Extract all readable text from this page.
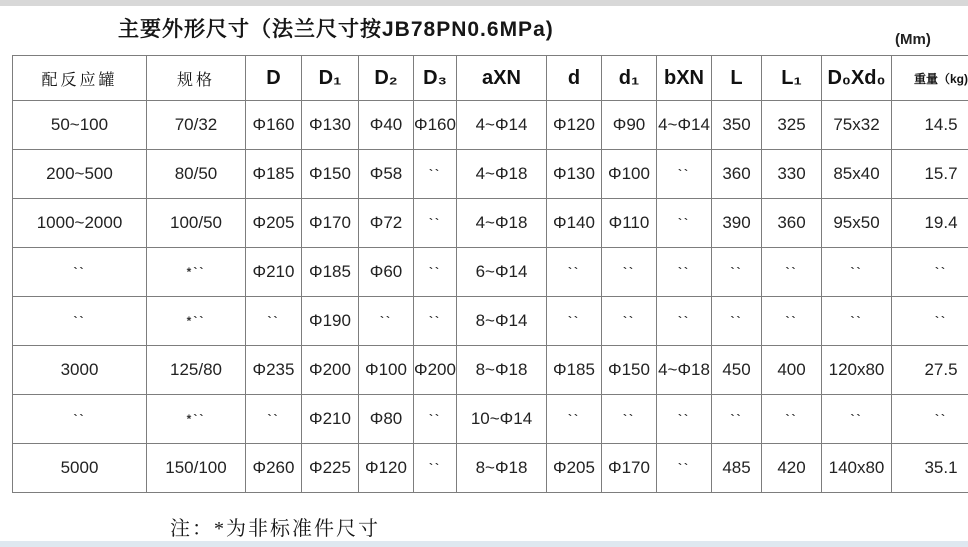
主要外形尺寸（法兰尺寸按JB78PN0.6MPa)	(Mm)
配反应罐	规格	D	D₁	D₂	D₃	aXN	d	d₁	bXN	L	L₁	D₀Xd₀	重量（kg)
50~100	70/32	Φ160	Φ130	Φ40	Φ160	4~Φ14	Φ120	Φ90	4~Φ14	350	325	75x32	14.5
200~500	80/50	Φ185	Φ150	Φ58	``	4~Φ18	Φ130	Φ100	``	360	330	85x40	15.7
1000~2000	100/50	Φ205	Φ170	Φ72	``	4~Φ18	Φ140	Φ110	``	390	360	95x50	19.4
``	*``	Φ210	Φ185	Φ60	``	6~Φ14	``	``	``	``	``	``	``
``	*``	``	Φ190	``	``	8~Φ14	``	``	``	``	``	``	``
3000	125/80	Φ235	Φ200	Φ100	Φ200	8~Φ18	Φ185	Φ150	4~Φ18	450	400	120x80	27.5
``	*``	``	Φ210	Φ80	``	10~Φ14	``	``	``	``	``	``	``
5000	150/100	Φ260	Φ225	Φ120	``	8~Φ18	Φ205	Φ170	``	485	420	140x80	35.1
注：*为非标准件尺寸
